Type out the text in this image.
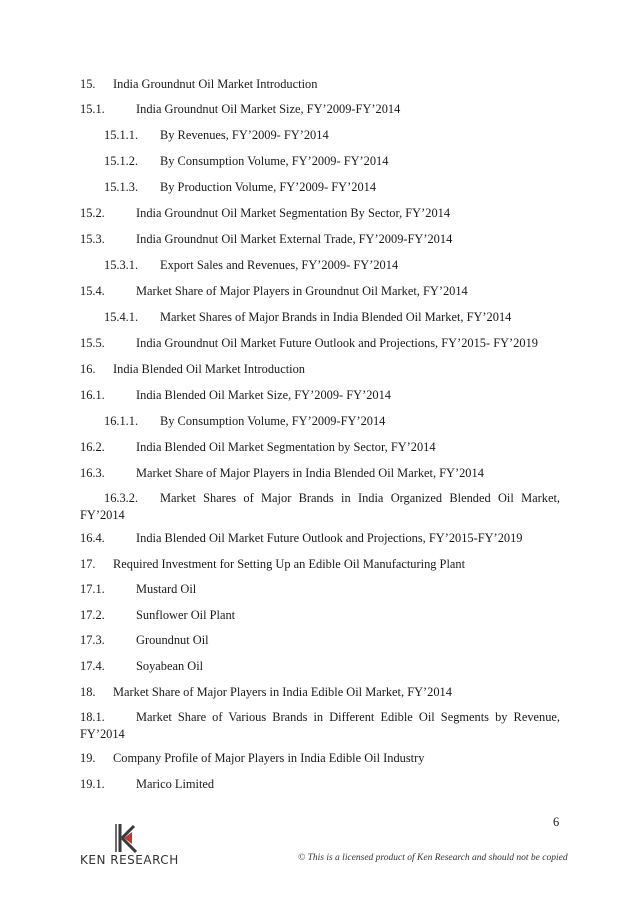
15. India Groundnut Oil Market Introduction
15.1.	India Groundnut Oil Market Size, FY’2009-FY’2014
15.1.1. By Revenues, FY’2009- FY’2014
15.1.2. By Consumption Volume, FY’2009- FY’2014
15.1.3. By Production Volume, FY’2009- FY’2014
15.2.	India Groundnut Oil Market Segmentation By Sector, FY’2014
15.3.	India Groundnut Oil Market External Trade, FY’2009-FY’2014
15.3.1. Export Sales and Revenues, FY’2009- FY’2014
15.4.	Market Share of Major Players in Groundnut Oil Market, FY’2014
15.4.1. Market Shares of Major Brands in India Blended Oil Market, FY’2014
15.5.	India Groundnut Oil Market Future Outlook and Projections, FY’2015- FY’2019
16. India Blended Oil Market Introduction
16.1.	India Blended Oil Market Size, FY’2009- FY’2014
16.1.1. By Consumption Volume, FY’2009-FY’2014
16.2.	India Blended Oil Market Segmentation by Sector, FY’2014
16.3.	Market Share of Major Players in India Blended Oil Market, FY’2014
16.3.2. Market Shares of Major Brands in India Organized Blended Oil Market,
FY’2014
16.4.	India Blended Oil Market Future Outlook and Projections, FY’2015-FY’2019
17. Required Investment for Setting Up an Edible Oil Manufacturing Plant
17.1.	Mustard Oil
17.2.	Sunflower Oil Plant
17.3.	Groundnut Oil
17.4.	Soyabean Oil
18. Market Share of Major Players in India Edible Oil Market, FY’2014
18.1.	Market Share of Various Brands in Different Edible Oil Segments by Revenue,
FY’2014
19. Company Profile of Major Players in India Edible Oil Industry
19.1.	Marico Limited
6
KEN RESEARCH	© This is a licensed product of Ken Research and should not be copied
